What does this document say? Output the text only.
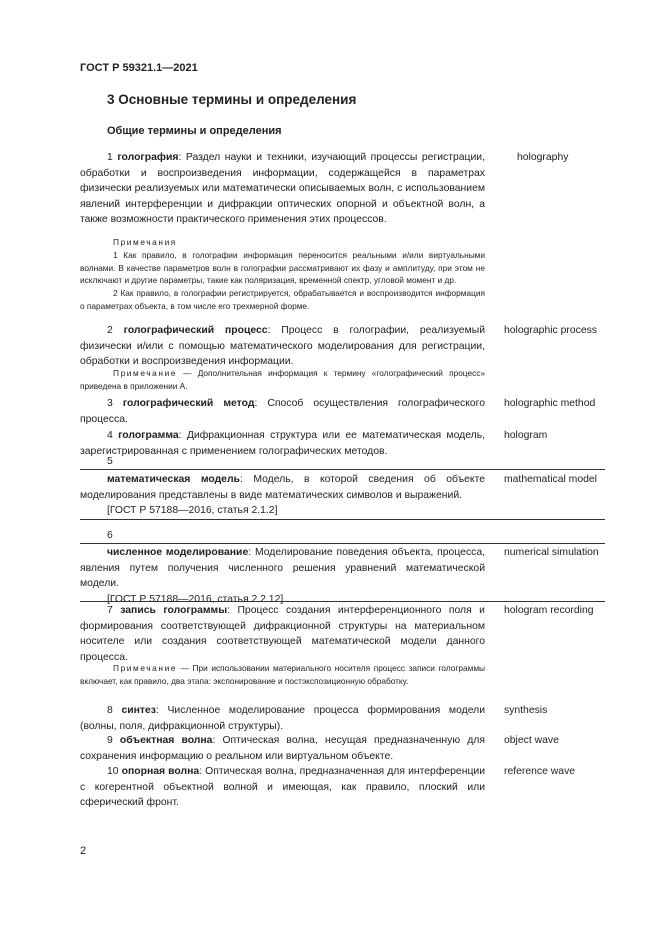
ГОСТ Р 59321.1—2021
3 Основные термины и определения
Общие термины и определения

1 голография: Раздел науки и техники, изучающий процессы регистрации, обработки и воспроизведения информации, содержащейся в параметрах физически реализуемых или математически описываемых волн, с использованием явлений интерференции и дифракции оптических опорной и объектной волн, а также возможности практического применения этих процессов.

holography

Примечания

1 Как правило, в голографии информация переносится реальными и/или виртуальными волнами. В качестве параметров волн в голографии рассматривают их фазу и амплитуду, при этом не исключают и другие параметры, такие как поляризация, временной спектр, угловой момент и др.

2 Как правило, в голографии регистрируется, обрабатывается и воспроизводится информация о параметрах объекта, в том числе его трехмерной форме.

2 голографический процесс: Процесс в голографии, реализуемый физически и/или с помощью математического моделирования для регистрации, обработки и воспроизведения информации.

holographic process

Примечание — Дополнительная информация к термину «голографический процесс» приведена в приложении А.

3 голографический метод: Способ осуществления голографического процесса.

holographic method

4 голограмма: Дифракционная структура или ее математическая модель, зарегистрированная с применением голографических методов.

hologram
5

математическая модель: Модель, в которой сведения об объекте моделирования представлены в виде математических символов и выражений.

[ГОСТ Р 57188—2016, статья 2.1.2]

mathematical model
6

численное моделирование: Моделирование поведения объекта, процесса, явления путем получения численного решения уравнений математической модели.

[ГОСТ Р 57188—2016, статья 2.2.12]

numerical simulation

7 запись голограммы: Процесс создания интерференционного поля и формирования соответствующей дифракционной структуры на материальном носителе или создания соответствующей математической модели данного процесса.

hologram recording

Примечание — При использовании материального носителя процесс записи голограммы включает, как правило, два этапа: экспонирование и постэкспозиционную обработку.

8 синтез: Численное моделирование процесса формирования модели (волны, поля, дифракционной структуры).

synthesis

9 объектная волна: Оптическая волна, несущая предназначенную для сохранения информацию о реальном или виртуальном объекте.

object wave

10 опорная волна: Оптическая волна, предназначенная для интерференции с когерентной объектной волной и имеющая, как правило, плоский или сферический фронт.

reference wave
2
